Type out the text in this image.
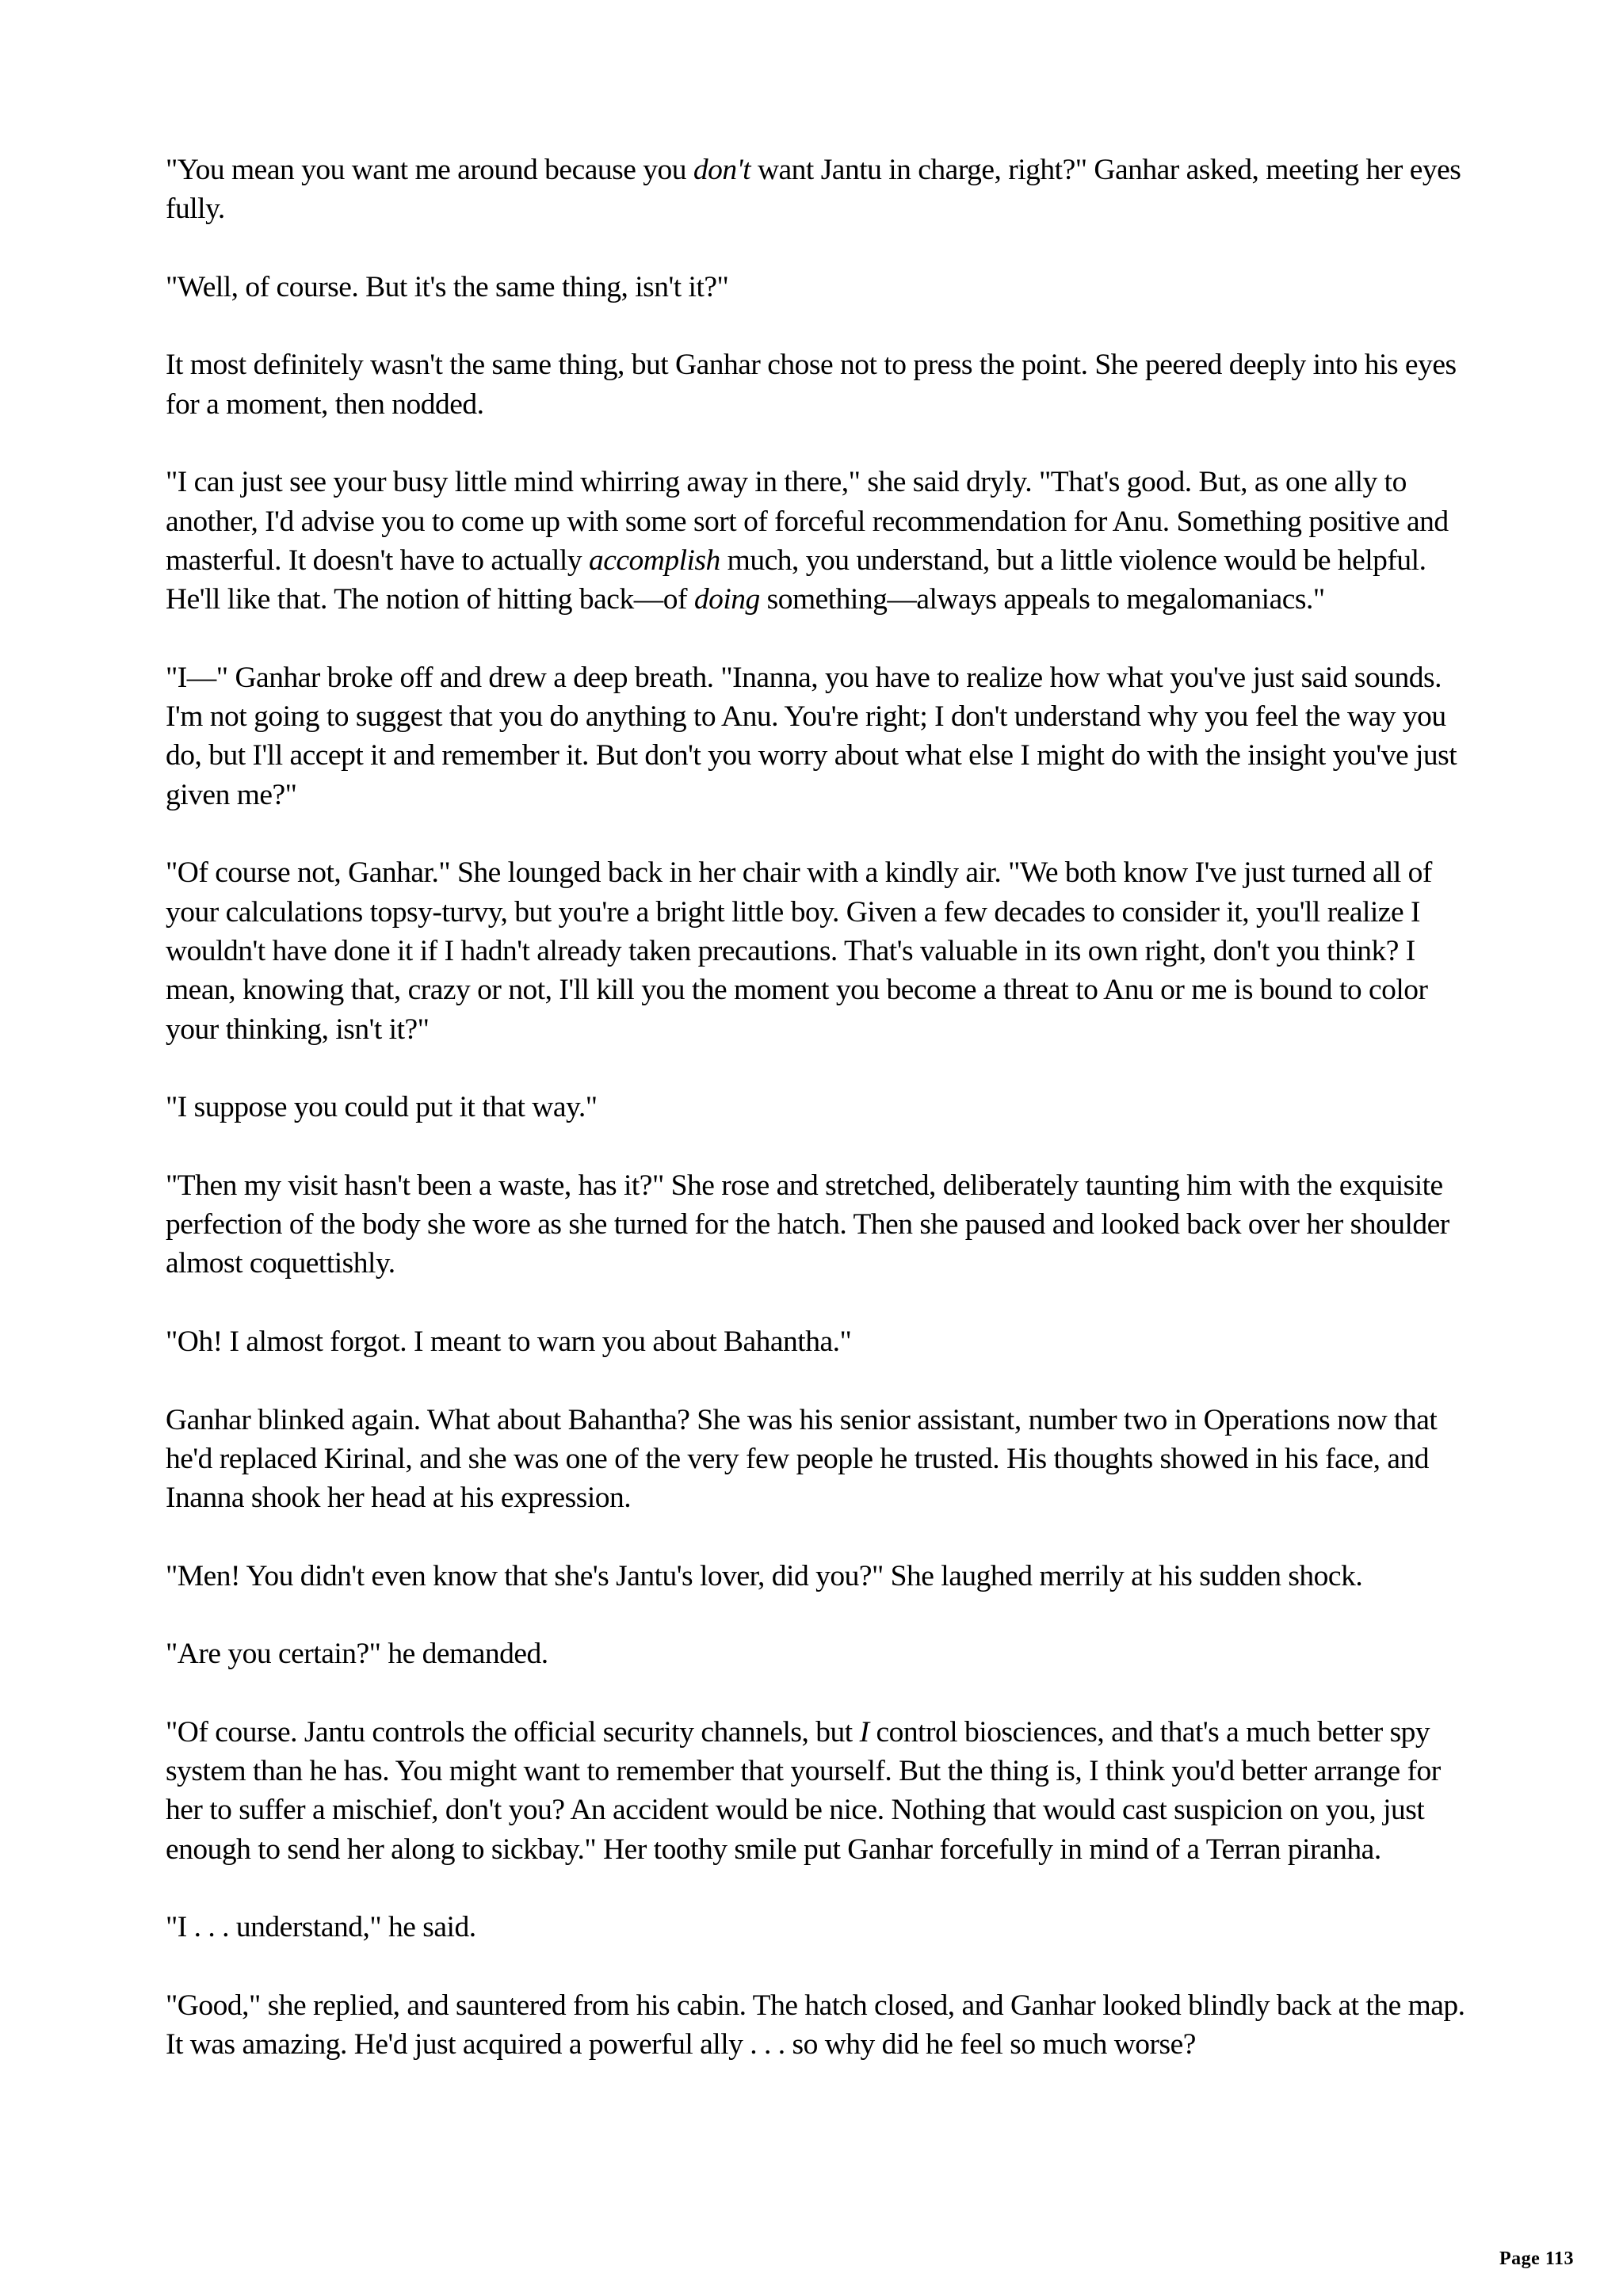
"You mean you want me around because you don't want Jantu in charge, right?" Ganhar asked, meeting her eyes fully.

"Well, of course. But it's the same thing, isn't it?"

It most definitely wasn't the same thing, but Ganhar chose not to press the point. She peered deeply into his eyes for a moment, then nodded.

"I can just see your busy little mind whirring away in there," she said dryly. "That's good. But, as one ally to another, I'd advise you to come up with some sort of forceful recommendation for Anu. Something positive and masterful. It doesn't have to actually accomplish much, you understand, but a little violence would be helpful. He'll like that. The notion of hitting back—of doing something—always appeals to megalomaniacs."

"I—" Ganhar broke off and drew a deep breath. "Inanna, you have to realize how what you've just said sounds. I'm not going to suggest that you do anything to Anu. You're right; I don't understand why you feel the way you do, but I'll accept it and remember it. But don't you worry about what else I might do with the insight you've just given me?"

"Of course not, Ganhar." She lounged back in her chair with a kindly air. "We both know I've just turned all of your calculations topsy-turvy, but you're a bright little boy. Given a few decades to consider it, you'll realize I wouldn't have done it if I hadn't already taken precautions. That's valuable in its own right, don't you think? I mean, knowing that, crazy or not, I'll kill you the moment you become a threat to Anu or me is bound to color your thinking, isn't it?"

"I suppose you could put it that way."

"Then my visit hasn't been a waste, has it?" She rose and stretched, deliberately taunting him with the exquisite perfection of the body she wore as she turned for the hatch. Then she paused and looked back over her shoulder almost coquettishly.

"Oh! I almost forgot. I meant to warn you about Bahantha."

Ganhar blinked again. What about Bahantha? She was his senior assistant, number two in Operations now that he'd replaced Kirinal, and she was one of the very few people he trusted. His thoughts showed in his face, and Inanna shook her head at his expression.

"Men! You didn't even know that she's Jantu's lover, did you?" She laughed merrily at his sudden shock.

"Are you certain?" he demanded.

"Of course. Jantu controls the official security channels, but I control biosciences, and that's a much better spy system than he has. You might want to remember that yourself. But the thing is, I think you'd better arrange for her to suffer a mischief, don't you? An accident would be nice. Nothing that would cast suspicion on you, just enough to send her along to sickbay." Her toothy smile put Ganhar forcefully in mind of a Terran piranha.

"I . . . understand," he said.

"Good," she replied, and sauntered from his cabin. The hatch closed, and Ganhar looked blindly back at the map. It was amazing. He'd just acquired a powerful ally . . . so why did he feel so much worse?

Page 113
